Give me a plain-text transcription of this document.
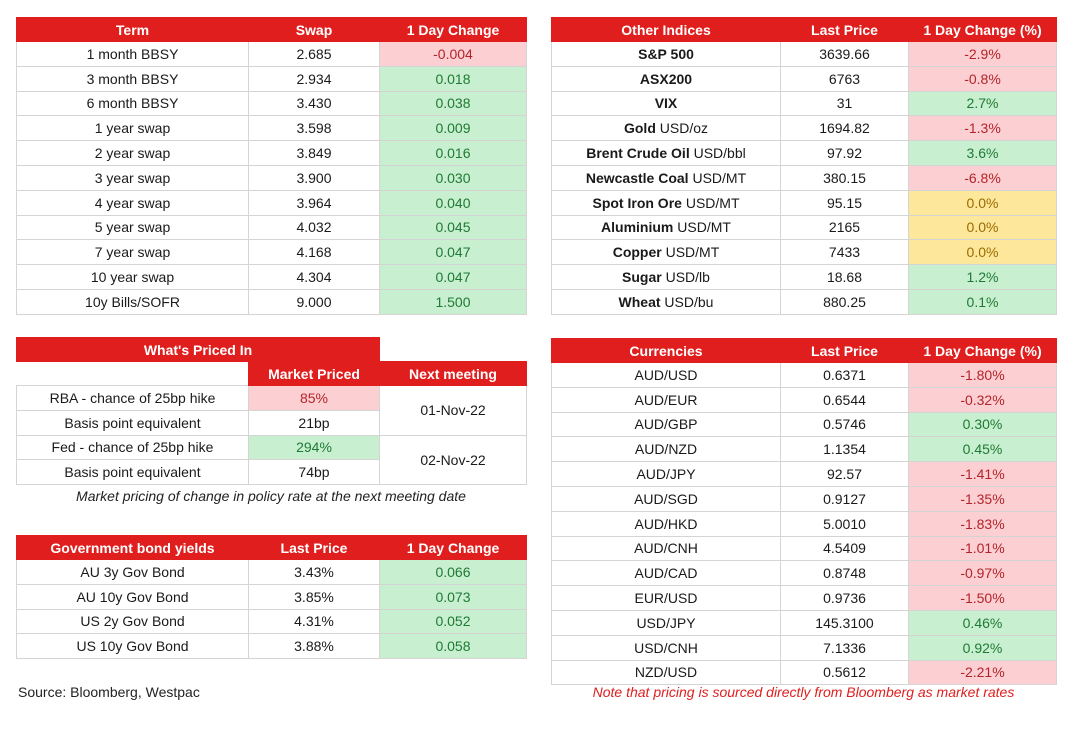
Term	Swap	1 Day Change
1 month BBSY	2.685	-0.004
3 month BBSY	2.934	0.018
6 month BBSY	3.430	0.038
1 year swap	3.598	0.009
2 year swap	3.849	0.016
3 year swap	3.900	0.030
4 year swap	3.964	0.040
5 year swap	4.032	0.045
7 year swap	4.168	0.047
10 year swap	4.304	0.047
10y Bills/SOFR	9.000	1.500
Other Indices	Last Price	1 Day Change (%)
S&P 500	3639.66	-2.9%
ASX200	6763	-0.8%
VIX	31	2.7%
Gold USD/oz	1694.82	-1.3%
Brent Crude Oil USD/bbl	97.92	3.6%
Newcastle Coal USD/MT	380.15	-6.8%
Spot Iron Ore USD/MT	95.15	0.0%
Aluminium USD/MT	2165	0.0%
Copper USD/MT	7433	0.0%
Sugar USD/lb	18.68	1.2%
Wheat USD/bu	880.25	0.1%
What's Priced In		
	Market Priced	Next meeting
RBA - chance of 25bp hike	85%	01-Nov-22
Basis point equivalent	21bp	
Fed - chance of 25bp hike	294%	02-Nov-22
Basis point equivalent	74bp	
Market pricing of change in policy rate at the next meeting date
Government bond yields	Last Price	1 Day Change
AU 3y Gov Bond	3.43%	0.066
AU 10y Gov Bond	3.85%	0.073
US 2y Gov Bond	4.31%	0.052
US 10y Gov Bond	3.88%	0.058
Currencies	Last Price	1 Day Change (%)
AUD/USD	0.6371	-1.80%
AUD/EUR	0.6544	-0.32%
AUD/GBP	0.5746	0.30%
AUD/NZD	1.1354	0.45%
AUD/JPY	92.57	-1.41%
AUD/SGD	0.9127	-1.35%
AUD/HKD	5.0010	-1.83%
AUD/CNH	4.5409	-1.01%
AUD/CAD	0.8748	-0.97%
EUR/USD	0.9736	-1.50%
USD/JPY	145.3100	0.46%
USD/CNH	7.1336	0.92%
NZD/USD	0.5612	-2.21%
Source: Bloomberg, Westpac	Note that pricing is sourced directly from Bloomberg as market rates
